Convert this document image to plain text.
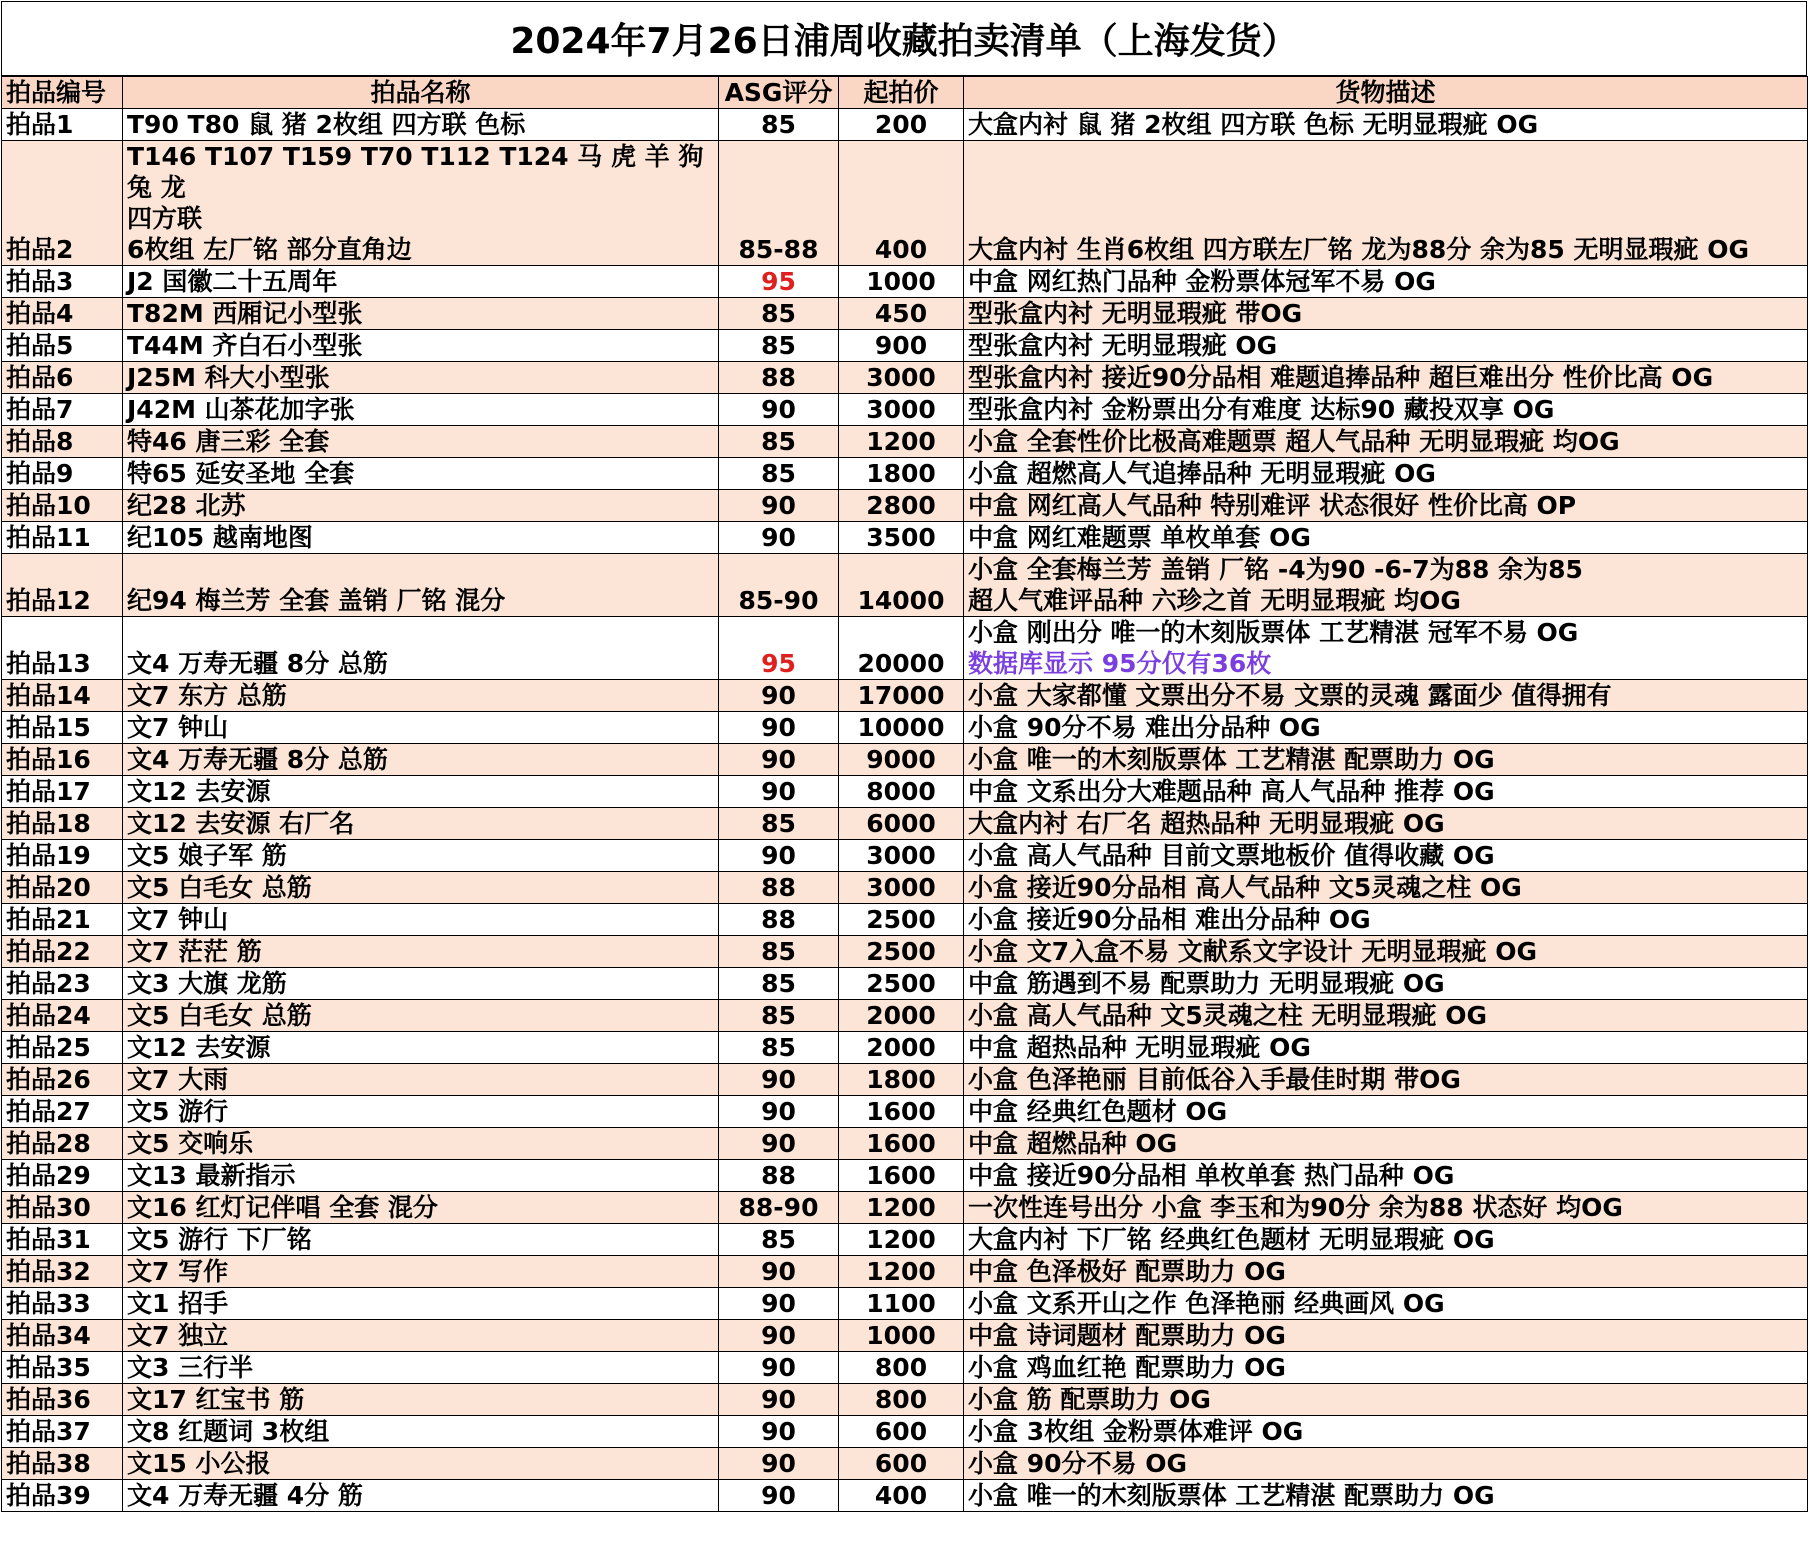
2024年7月26日浦周收藏拍卖清单（上海发货）
拍品编号	拍品名称	ASG评分	起拍价	货物描述
拍品1	T90 T80 鼠 猪 2枚组 四方联 色标	85	200	大盒内衬 鼠 猪 2枚组 四方联 色标 无明显瑕疵 OG

拍品2	T146 T107 T159 T70 T112 T124 马 虎 羊 狗 兔 龙
四方联
6枚组 左厂铭 部分直角边	85-88	400	大盒内衬 生肖6枚组 四方联左厂铭 龙为88分 余为85 无明显瑕疵 OG

拍品3	J2 国徽二十五周年	95	1000	中盒 网红热门品种 金粉票体冠军不易 OG

拍品4	T82M 西厢记小型张	85	450	型张盒内衬 无明显瑕疵 带OG

拍品5	T44M 齐白石小型张	85	900	型张盒内衬 无明显瑕疵 OG

拍品6	J25M 科大小型张	88	3000	型张盒内衬 接近90分品相 难题追捧品种 超巨难出分 性价比高 OG

拍品7	J42M 山茶花加字张	90	3000	型张盒内衬 金粉票出分有难度 达标90 藏投双享 OG

拍品8	特46 唐三彩 全套	85	1200	小盒 全套性价比极高难题票 超人气品种 无明显瑕疵 均OG

拍品9	特65 延安圣地 全套	85	1800	小盒 超燃高人气追捧品种 无明显瑕疵 OG

拍品10	纪28 北苏	90	2800	中盒 网红高人气品种 特别难评 状态很好 性价比高 OP

拍品11	纪105 越南地图	90	3500	中盒 网红难题票 单枚单套 OG

拍品12	纪94 梅兰芳 全套 盖销 厂铭 混分	85-90	14000	小盒 全套梅兰芳 盖销 厂铭 -4为90 -6-7为88 余为85
超人气难评品种 六珍之首 无明显瑕疵 均OG

拍品13	文4 万寿无疆 8分 总筋	95	20000	小盒 刚出分 唯一的木刻版票体 工艺精湛 冠军不易 OG
数据库显示 95分仅有36枚

拍品14	文7 东方 总筋	90	17000	小盒 大家都懂 文票出分不易 文票的灵魂 露面少 值得拥有

拍品15	文7 钟山	90	10000	小盒 90分不易 难出分品种 OG

拍品16	文4 万寿无疆 8分 总筋	90	9000	小盒 唯一的木刻版票体 工艺精湛 配票助力 OG

拍品17	文12 去安源	90	8000	中盒 文系出分大难题品种 高人气品种 推荐 OG

拍品18	文12 去安源 右厂名	85	6000	大盒内衬 右厂名 超热品种 无明显瑕疵 OG

拍品19	文5 娘子军 筋	90	3000	小盒 高人气品种 目前文票地板价 值得收藏 OG

拍品20	文5 白毛女 总筋	88	3000	小盒 接近90分品相 高人气品种 文5灵魂之柱 OG

拍品21	文7 钟山	88	2500	小盒 接近90分品相 难出分品种 OG

拍品22	文7 茫茫 筋	85	2500	小盒 文7入盒不易 文献系文字设计 无明显瑕疵 OG

拍品23	文3 大旗 龙筋	85	2500	中盒 筋遇到不易 配票助力 无明显瑕疵 OG

拍品24	文5 白毛女 总筋	85	2000	小盒 高人气品种 文5灵魂之柱 无明显瑕疵 OG

拍品25	文12 去安源	85	2000	中盒 超热品种 无明显瑕疵 OG

拍品26	文7 大雨	90	1800	小盒 色泽艳丽 目前低谷入手最佳时期 带OG

拍品27	文5 游行	90	1600	中盒 经典红色题材 OG

拍品28	文5 交响乐	90	1600	中盒 超燃品种 OG

拍品29	文13 最新指示	88	1600	中盒 接近90分品相 单枚单套 热门品种 OG

拍品30	文16 红灯记伴唱 全套 混分	88-90	1200	一次性连号出分 小盒 李玉和为90分 余为88 状态好 均OG

拍品31	文5 游行 下厂铭	85	1200	大盒内衬 下厂铭 经典红色题材 无明显瑕疵 OG

拍品32	文7 写作	90	1200	中盒 色泽极好 配票助力 OG

拍品33	文1 招手	90	1100	小盒 文系开山之作 色泽艳丽 经典画风 OG

拍品34	文7 独立	90	1000	中盒 诗词题材 配票助力 OG

拍品35	文3 三行半	90	800	小盒 鸡血红艳 配票助力 OG

拍品36	文17 红宝书 筋	90	800	小盒 筋 配票助力 OG

拍品37	文8 红题词 3枚组	90	600	小盒 3枚组 金粉票体难评 OG

拍品38	文15 小公报	90	600	小盒 90分不易 OG

拍品39	文4 万寿无疆 4分 筋	90	400	小盒 唯一的木刻版票体 工艺精湛 配票助力 OG
